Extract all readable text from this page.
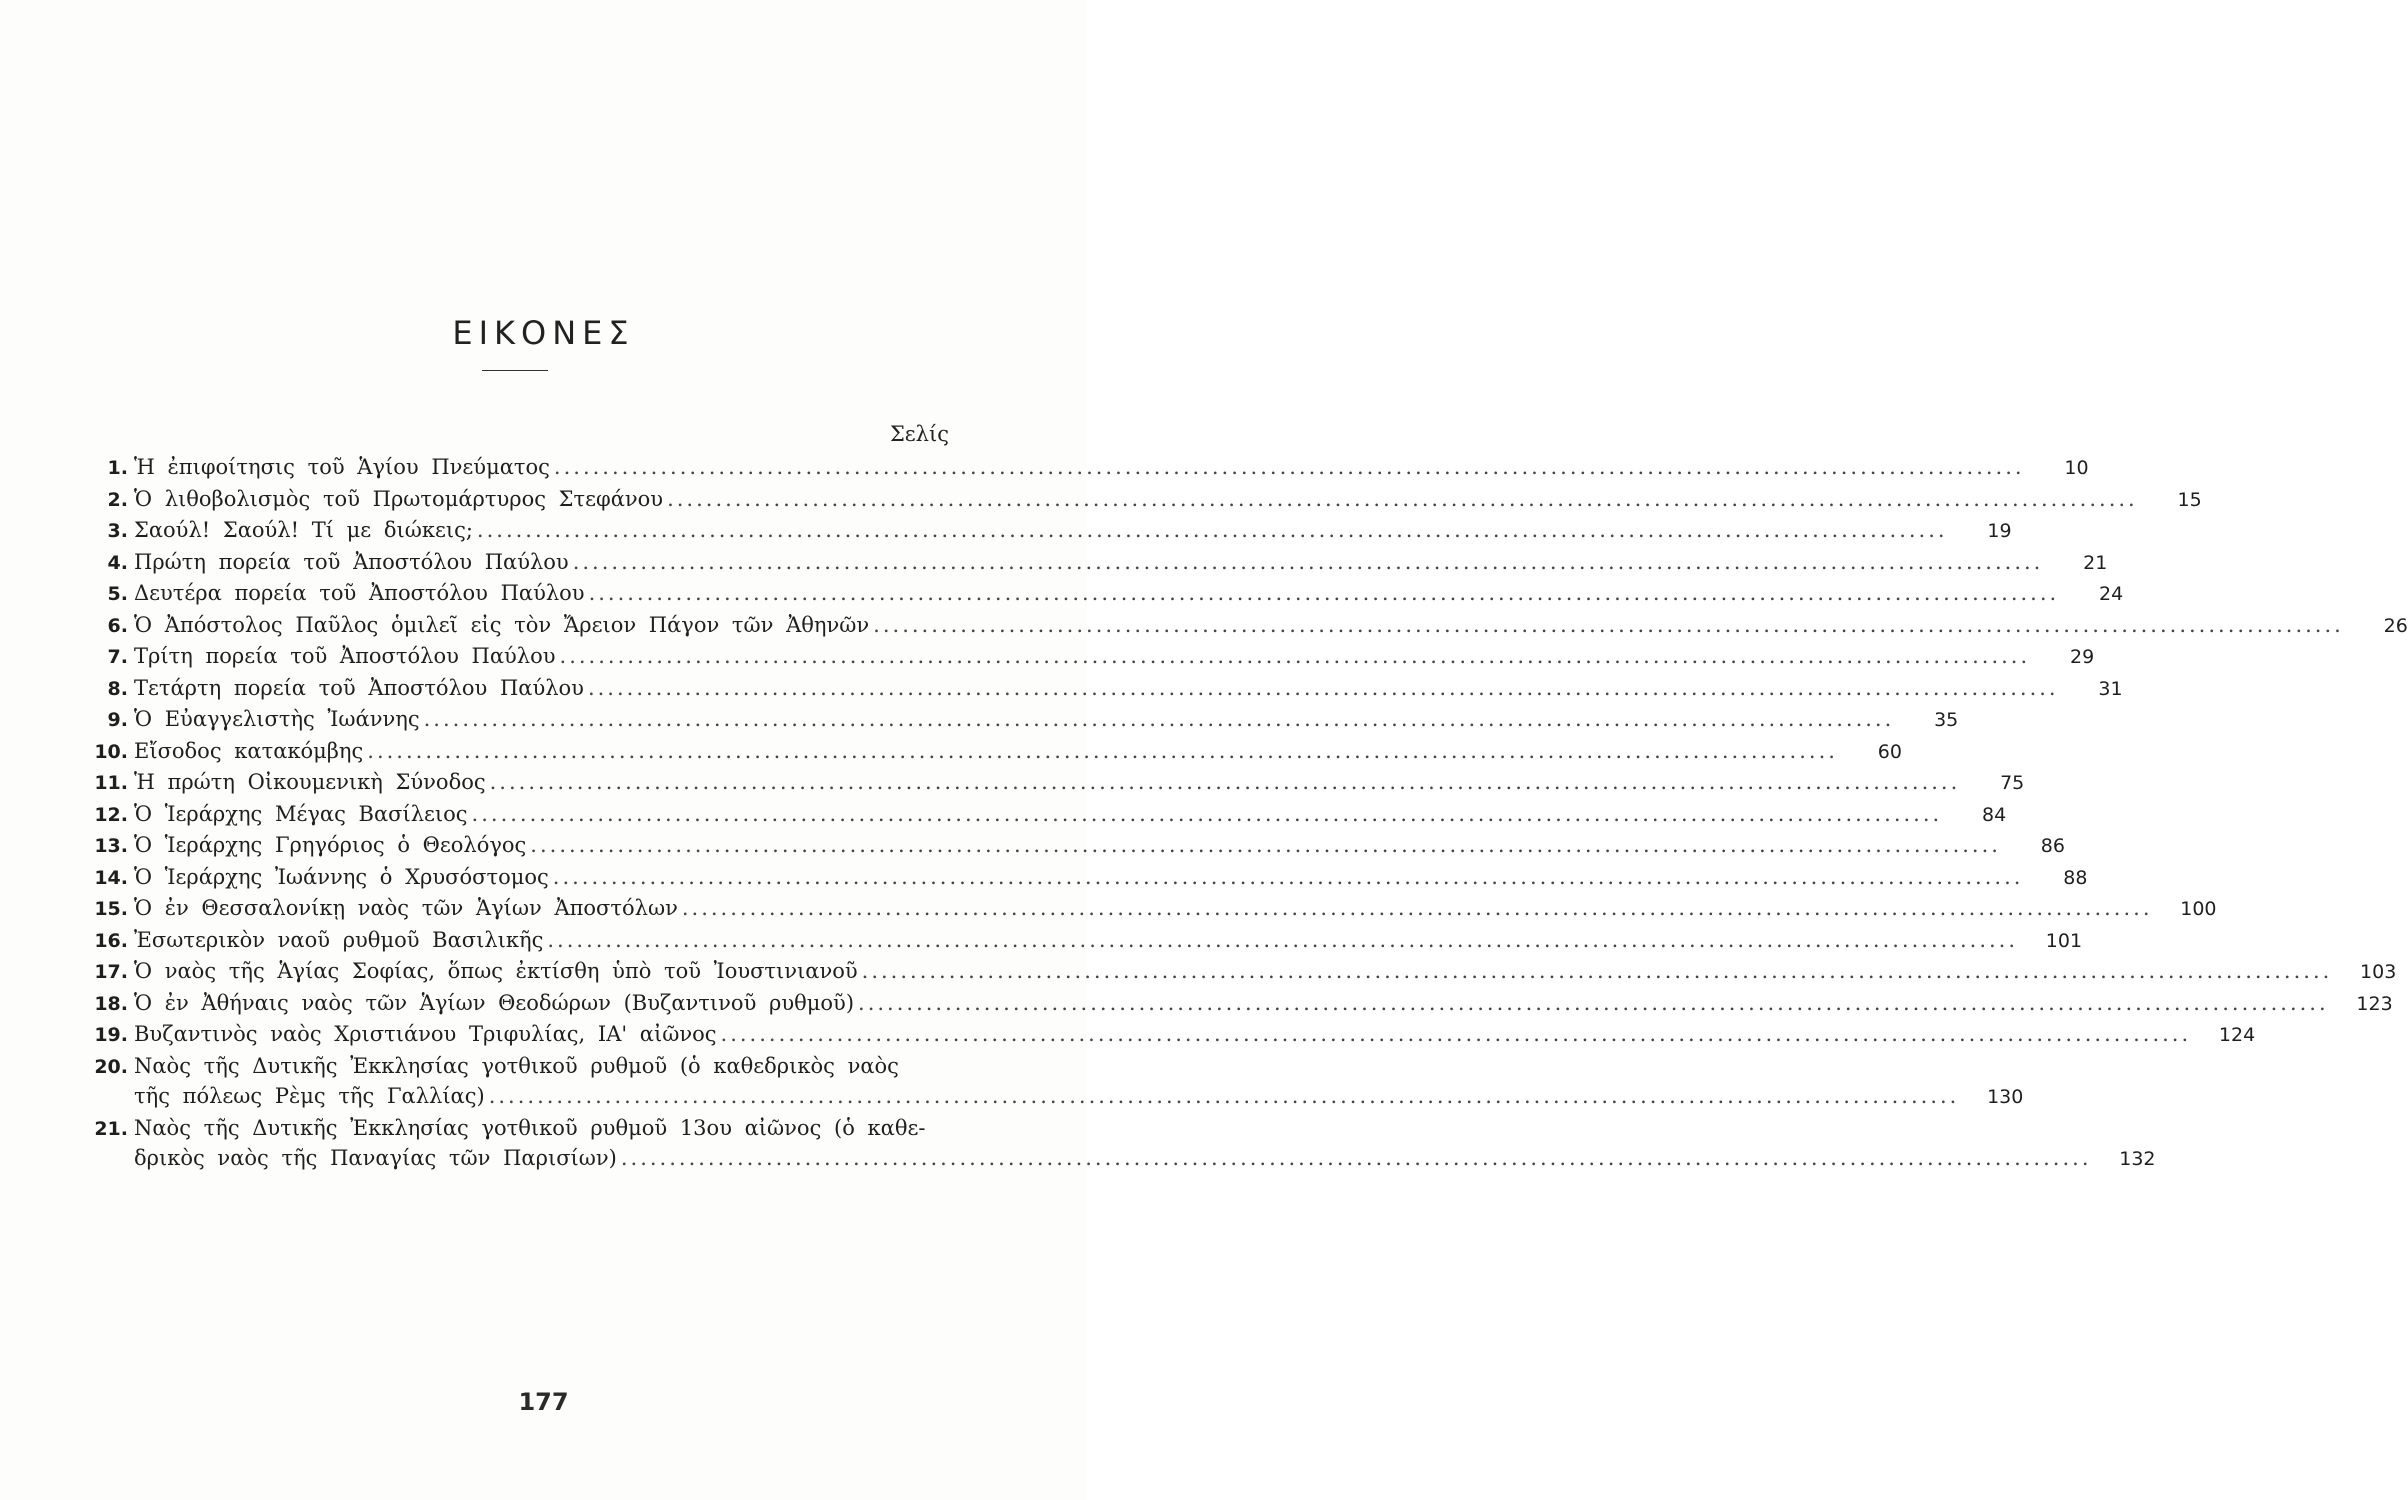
ΕΙΚΟΝΕΣ
Σελίς
1. Ἡ ἐπιφοίτησις τοῦ Ἁγίου Πνεύματος .....	10
2. Ὁ λιθοβολισμὸς τοῦ Πρωτομάρτυρος Στεφάνου .....	15
3. Σαούλ! Σαούλ! Τί με διώκεις; .....	19
4. Πρώτη πορεία τοῦ Ἀποστόλου Παύλου .....	21
5. Δευτέρα πορεία τοῦ Ἀποστόλου Παύλου .....	24
6. Ὁ Ἀπόστολος Παῦλος ὁμιλεῖ εἰς τὸν Ἄρειον Πάγον τῶν Ἀθηνῶν .....	26
7. Τρίτη πορεία τοῦ Ἀποστόλου Παύλου .....	29
8. Τετάρτη πορεία τοῦ Ἀποστόλου Παύλου .....	31
9. Ὁ Εὐαγγελιστὴς Ἰωάννης .....	35
10. Εἴσοδος κατακόμβης .....	60
11. Ἡ πρώτη Οἰκουμενικὴ Σύνοδος .....	75
12. Ὁ Ἱεράρχης Μέγας Βασίλειος .....	84
13. Ὁ Ἱεράρχης Γρηγόριος ὁ Θεολόγος .....	86
14. Ὁ Ἱεράρχης Ἰωάννης ὁ Χρυσόστομος .....	88
15. Ὁ ἐν Θεσσαλονίκῃ ναὸς τῶν Ἁγίων Ἀποστόλων .....	100
16. Ἐσωτερικὸν ναοῦ ρυθμοῦ Βασιλικῆς .....	101
17. Ὁ ναὸς τῆς Ἁγίας Σοφίας, ὅπως ἐκτίσθη ὑπὸ τοῦ Ἰουστινιανοῦ .....	103
18. Ὁ ἐν Ἀθήναις ναὸς τῶν Ἁγίων Θεοδώρων (Βυζαντινοῦ ρυθμοῦ) .....	123
19. Βυζαντινὸς ναὸς Χριστιάνου Τριφυλίας, ΙΑ' αἰῶνος .....	124
20. Ναὸς τῆς Δυτικῆς Ἐκκλησίας γοτθικοῦ ρυθμοῦ (ὁ καθεδρικὸς ναὸς
τῆς πόλεως Ρὲμς τῆς Γαλλίας) .....	130
21. Ναὸς τῆς Δυτικῆς Ἐκκλησίας γοτθικοῦ ρυθμοῦ 13ου αἰῶνος (ὁ καθε-
δρικὸς ναὸς τῆς Παναγίας τῶν Παρισίων) .....	132
177
